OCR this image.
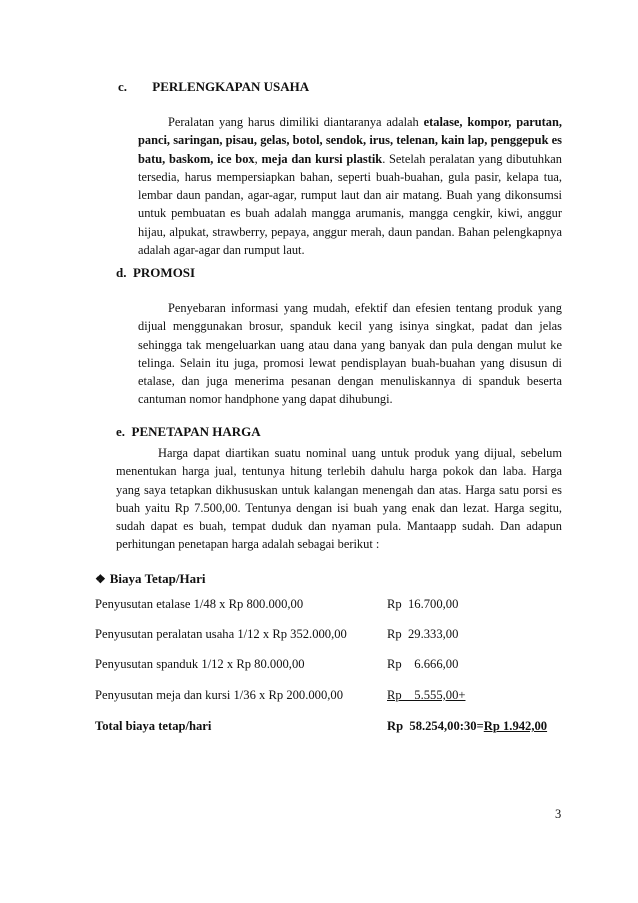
c. PERLENGKAPAN USAHA

Peralatan yang harus dimiliki diantaranya adalah etalase, kompor, parutan, panci, saringan, pisau, gelas, botol, sendok, irus, telenan, kain lap, penggepuk es batu, baskom, ice box, meja dan kursi plastik. Setelah peralatan yang dibutuhkan tersedia, harus mempersiapkan bahan, seperti buah-buahan, gula pasir, kelapa tua, lembar daun pandan, agar-agar, rumput laut dan air matang. Buah yang dikonsumsi untuk pembuatan es buah adalah mangga arumanis, mangga cengkir, kiwi, anggur hijau, alpukat, strawberry, pepaya, anggur merah, daun pandan. Bahan pelengkapnya adalah agar-agar dan rumput laut.

d.  PROMOSI

Penyebaran informasi yang mudah, efektif dan efesien tentang produk yang dijual menggunakan brosur, spanduk kecil yang isinya singkat, padat dan jelas sehingga tak mengeluarkan uang atau dana yang banyak dan pula dengan mulut ke telinga. Selain itu juga, promosi lewat pendisplayan buah-buahan yang disusun di etalase, dan juga menerima pesanan dengan menuliskannya di spanduk beserta cantuman nomor handphone yang dapat dihubungi.

e.  PENETAPAN HARGA

Harga dapat diartikan suatu nominal uang untuk produk yang dijual, sebelum menentukan harga jual, tentunya hitung terlebih dahulu harga pokok dan laba. Harga yang saya tetapkan dikhususkan untuk kalangan menengah dan atas. Harga satu porsi es buah yaitu Rp 7.500,00. Tentunya dengan isi buah yang enak dan lezat. Harga segitu, sudah dapat es buah, tempat duduk dan nyaman pula. Mantaapp sudah. Dan adapun perhitungan penetapan harga adalah sebagai berikut :

❖ Biaya Tetap/Hari
Penyusutan etalase 1/48 x Rp 800.000,00	Rp  16.700,00
Penyusutan peralatan usaha 1/12 x Rp 352.000,00	Rp  29.333,00
Penyusutan spanduk 1/12 x Rp 80.000,00	Rp    6.666,00
Penyusutan meja dan kursi 1/36 x Rp 200.000,00	Rp    5.555,00+
Total biaya tetap/hari	Rp  58.254,00:30=Rp 1.942,00
3
